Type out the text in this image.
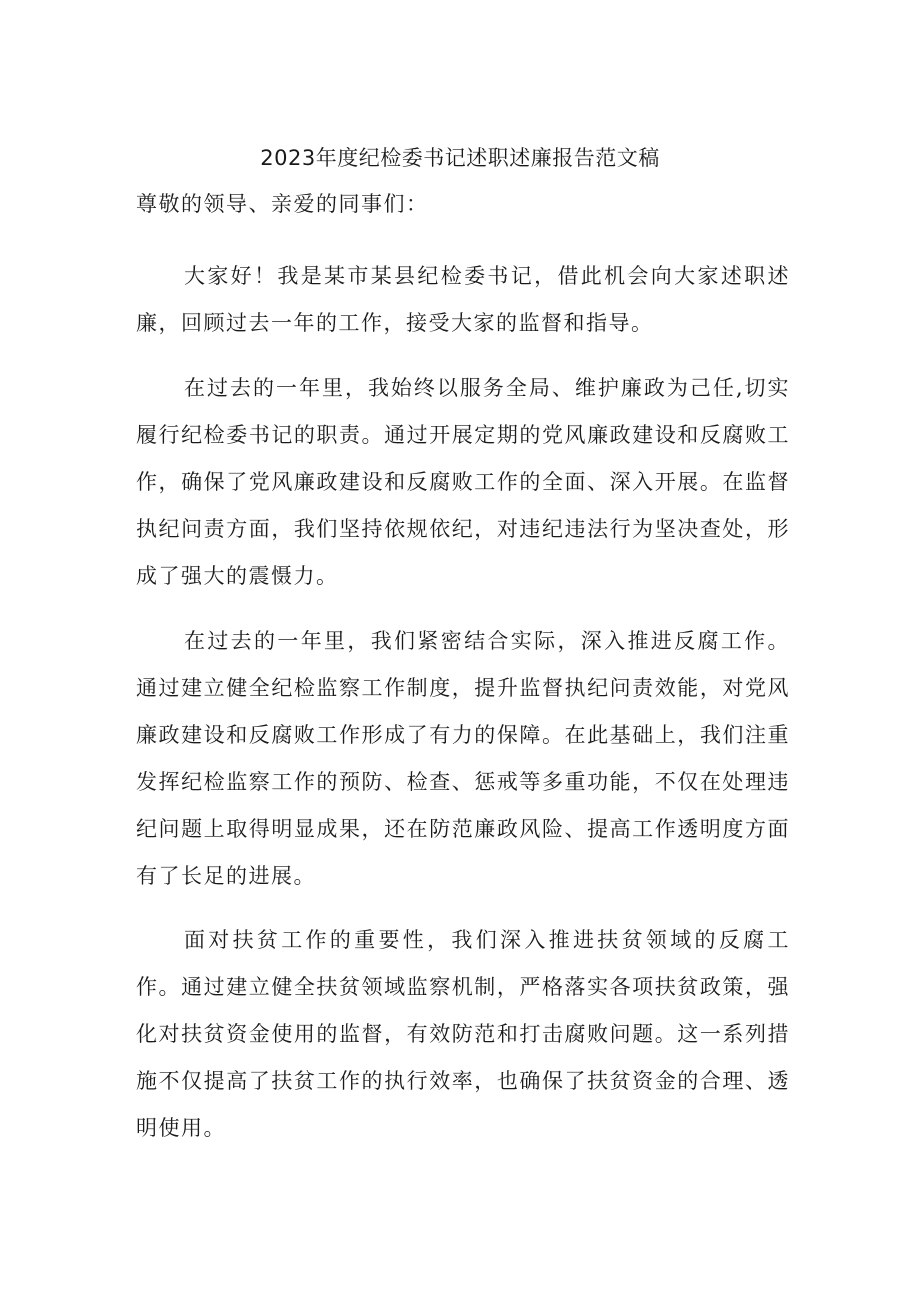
2023年度纪检委书记述职述廉报告范文稿

尊敬的领导、亲爱的同事们：

大家好！我是某市某县纪检委书记，借此机会向大家述职述廉，回顾过去一年的工作，接受大家的监督和指导。

在过去的一年里，我始终以服务全局、维护廉政为己任,切实履行纪检委书记的职责。通过开展定期的党风廉政建设和反腐败工作，确保了党风廉政建设和反腐败工作的全面、深入开展。在监督执纪问责方面，我们坚持依规依纪，对违纪违法行为坚决查处，形成了强大的震慑力。

在过去的一年里，我们紧密结合实际，深入推进反腐工作。通过建立健全纪检监察工作制度，提升监督执纪问责效能，对党风廉政建设和反腐败工作形成了有力的保障。在此基础上，我们注重发挥纪检监察工作的预防、检查、惩戒等多重功能，不仅在处理违纪问题上取得明显成果，还在防范廉政风险、提高工作透明度方面有了长足的进展。

面对扶贫工作的重要性，我们深入推进扶贫领域的反腐工作。通过建立健全扶贫领域监察机制，严格落实各项扶贫政策，强化对扶贫资金使用的监督，有效防范和打击腐败问题。这一系列措施不仅提高了扶贫工作的执行效率，也确保了扶贫资金的合理、透明使用。
